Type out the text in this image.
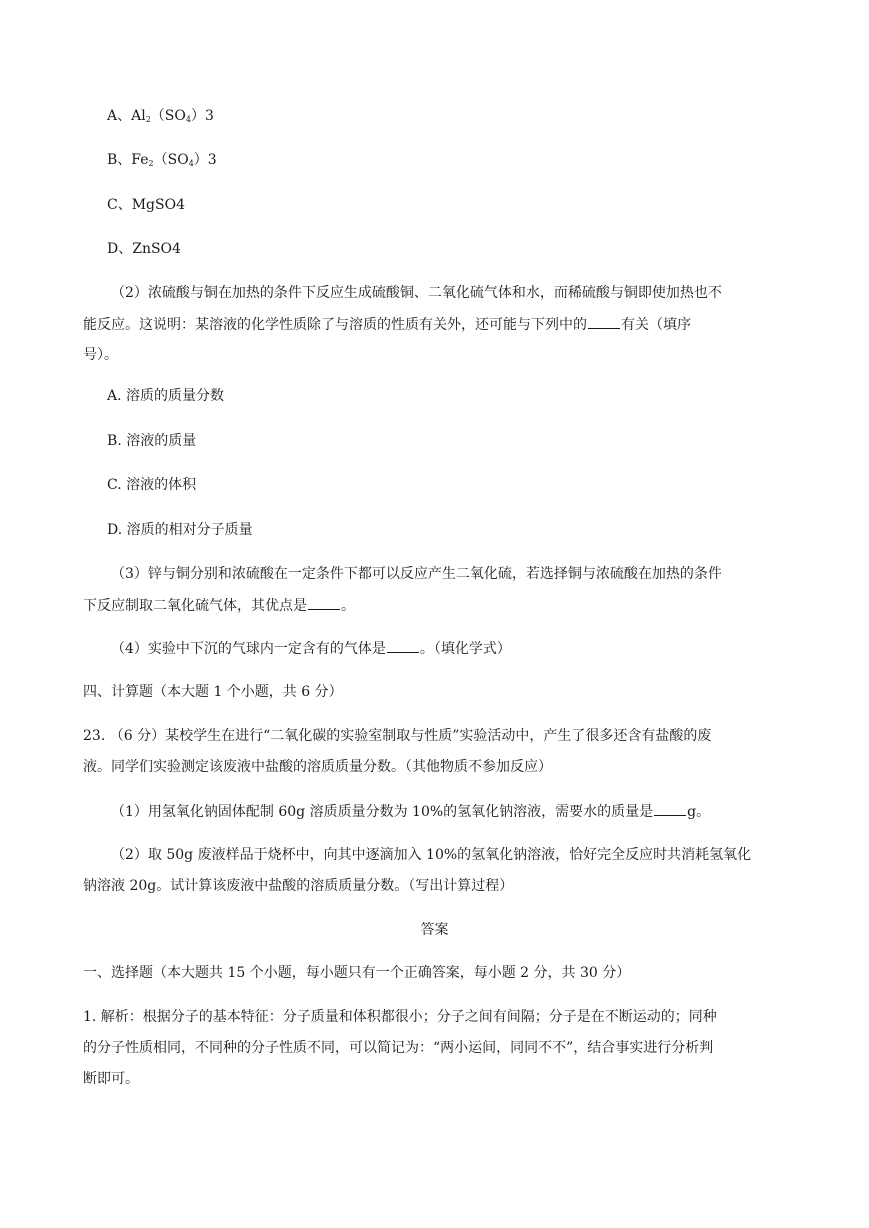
A、$Al_2(SO_4)3$
B、$Fe_2(SO_4)3$
C、MgSO4
D、ZnSO4
（2）浓硫酸与铜在加热的条件下反应生成硫酸铜、二氧化硫气体和水，而稀硫酸与铜即使加热也不
能反应。这说明：某溶液的化学性质除了与溶质的性质有关外，还可能与下列中的 有关（填序
号）。
A. 溶质的质量分数
B. 溶液的质量
C. 溶液的体积
D. 溶质的相对分子质量
（3）锌与铜分别和浓硫酸在一定条件下都可以反应产生二氧化硫，若选择铜与浓硫酸在加热的条件
下反应制取二氧化硫气体，其优点是 。
（4）实验中下沉的气球内一定含有的气体是 。（填化学式）
四、计算题（本大题 1 个小题，共 6 分）
23. （6 分）某校学生在进行“二氧化碳的实验室制取与性质”实验活动中，产生了很多还含有盐酸的废
液。同学们实验测定该废液中盐酸的溶质质量分数。（其他物质不参加反应）
（1）用氢氧化钠固体配制 60g 溶质质量分数为 10%的氢氧化钠溶液，需要水的质量是 g。
（2）取 50g 废液样品于烧杯中，向其中逐滴加入 10%的氢氧化钠溶液，恰好完全反应时共消耗氢氧化
钠溶液 20g。试计算该废液中盐酸的溶质质量分数。（写出计算过程）
答案
一、选择题（本大题共 15 个小题，每小题只有一个正确答案，每小题 2 分，共 30 分）
1. 解析：根据分子的基本特征：分子质量和体积都很小；分子之间有间隔；分子是在不断运动的；同种
的分子性质相同，不同种的分子性质不同，可以简记为：“两小运间，同同不不”，结合事实进行分析判
断即可。
